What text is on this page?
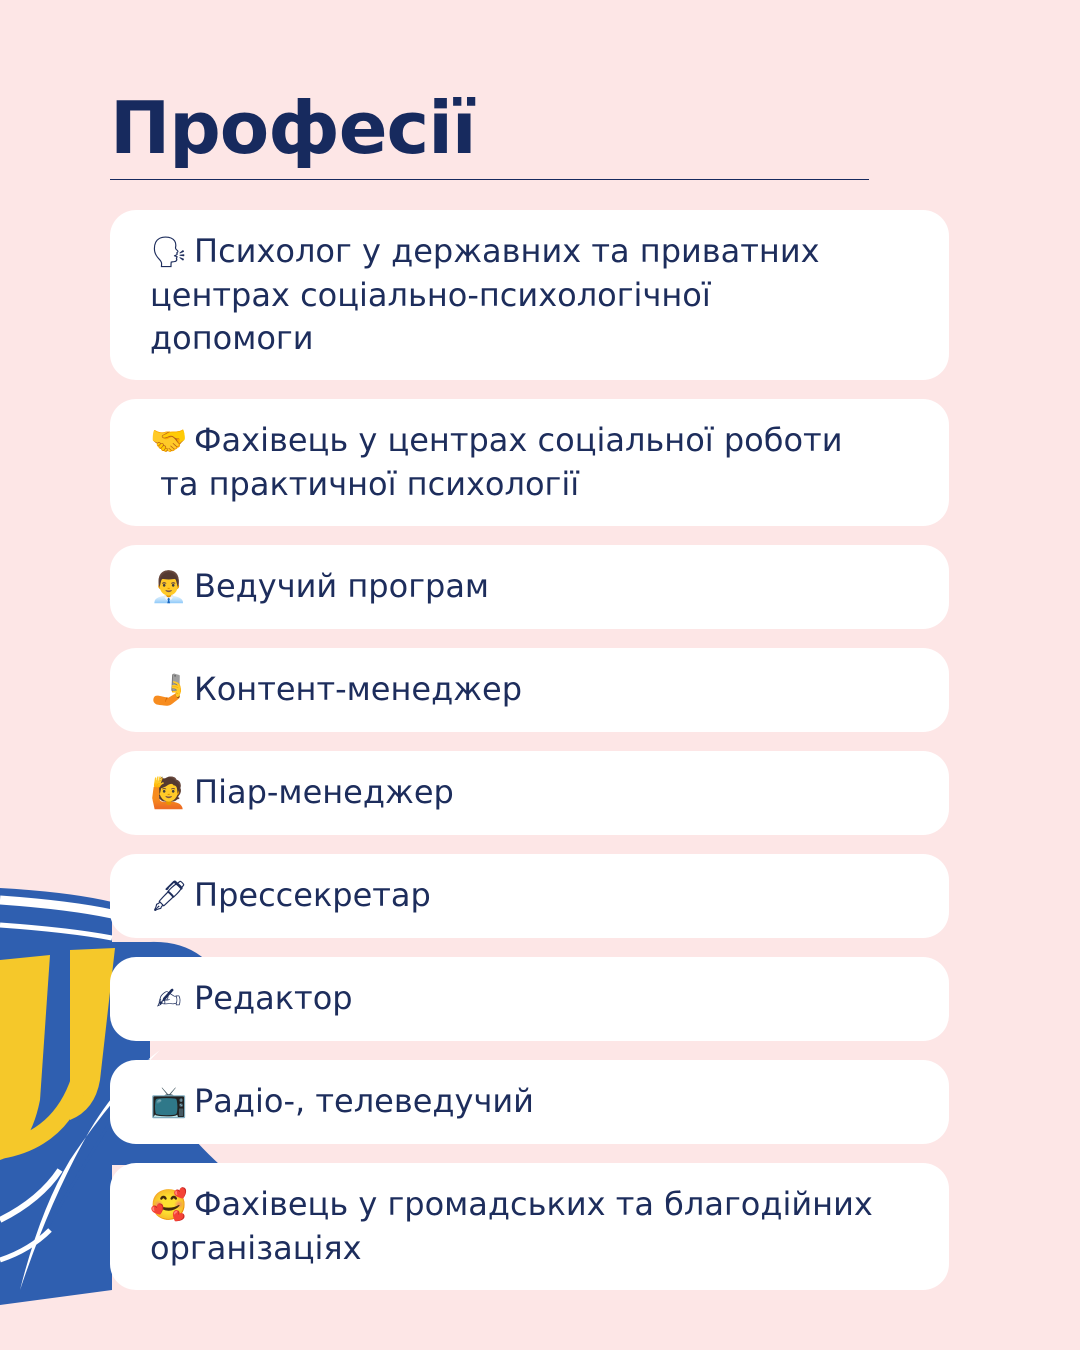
Професії
🗣 Психолог у державних та приватних
центрах соціально-психологічної
допомоги
🤝 Фахівець у центрах соціальної роботи
та практичної психології
👨‍💼 Ведучий програм
🤳 Контент-менеджер
🙋 Піар-менеджер
🖋 Прессекретар
✍ Редактор
📺 Радіо-, телеведучий
🥰 Фахівець у громадських та благодійних
організаціях
